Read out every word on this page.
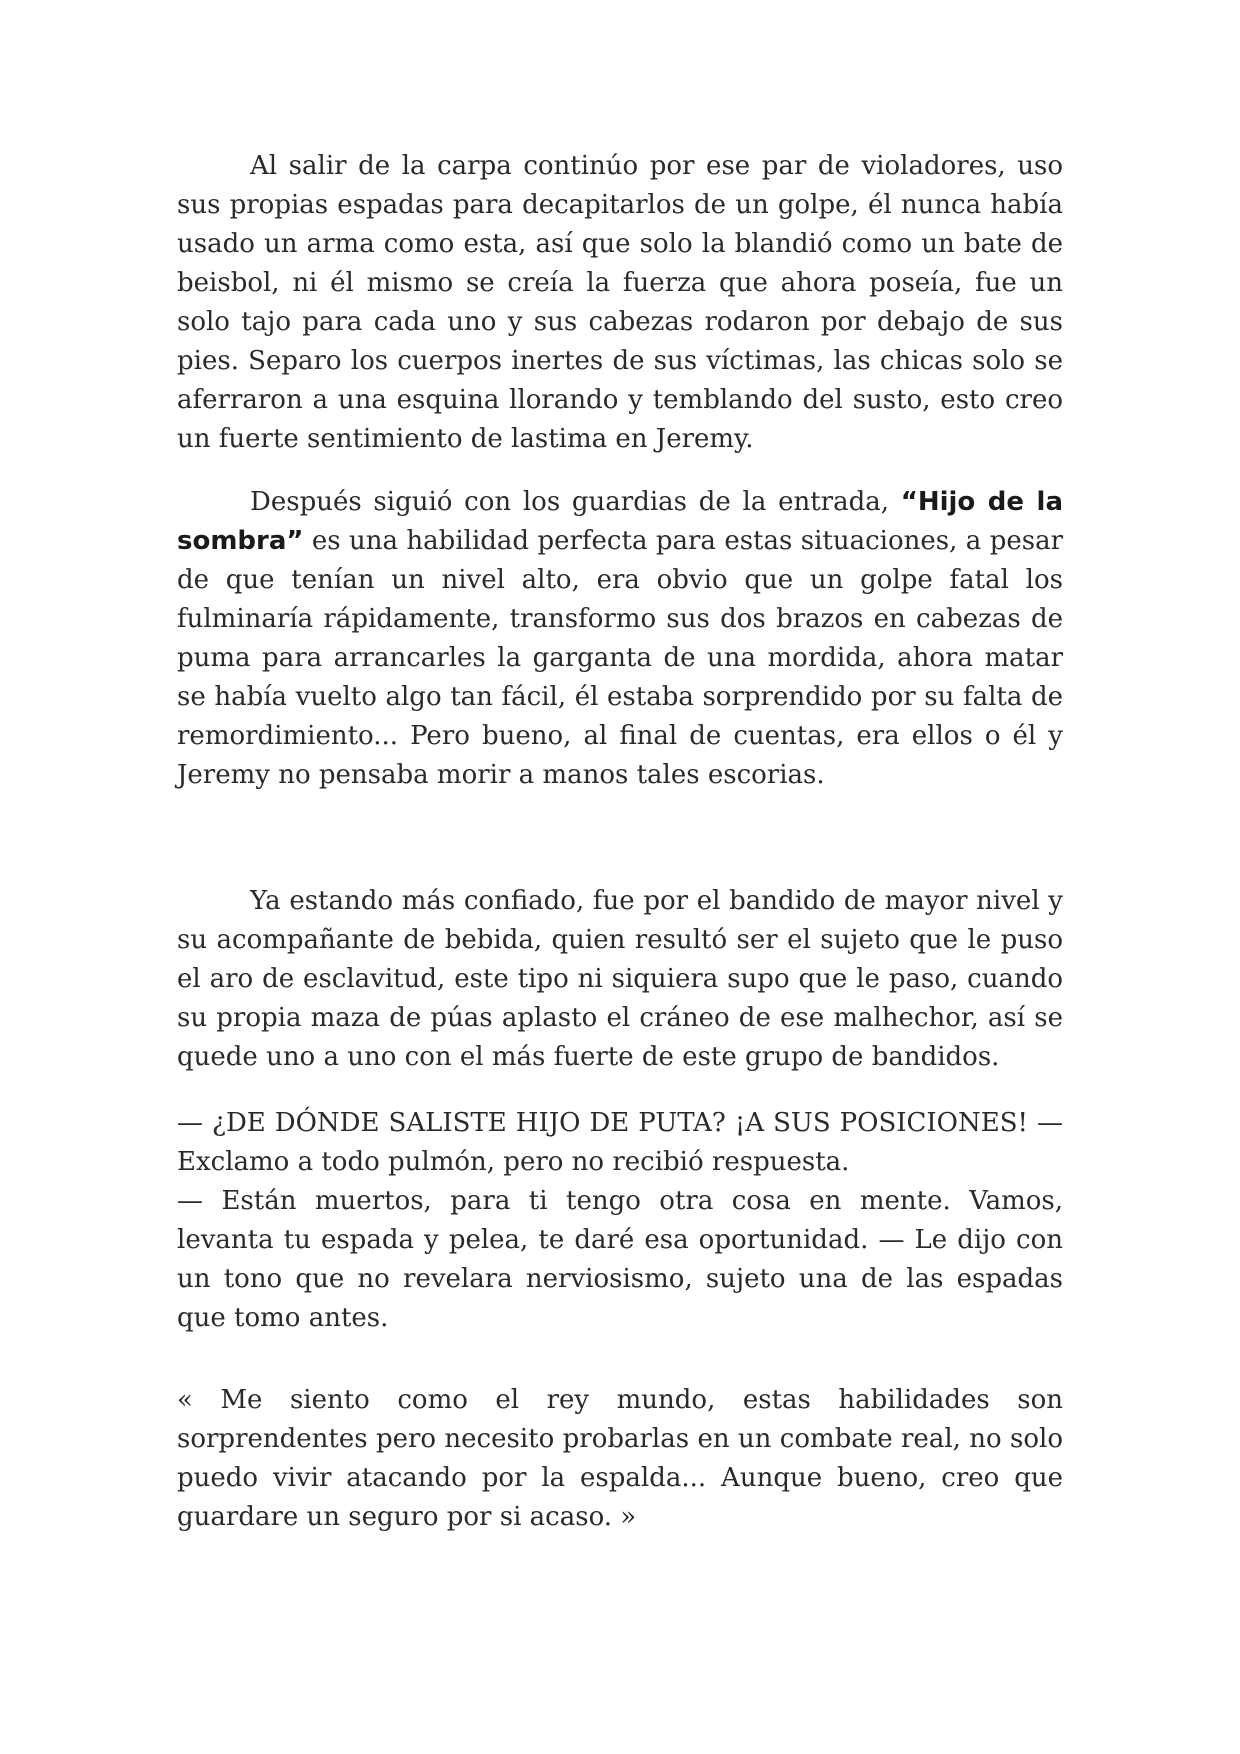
Al salir de la carpa continúo por ese par de violadores, uso sus propias espadas para decapitarlos de un golpe, él nunca había usado un arma como esta, así que solo la blandió como un bate de beisbol, ni él mismo se creía la fuerza que ahora poseía, fue un solo tajo para cada uno y sus cabezas rodaron por debajo de sus pies. Separo los cuerpos inertes de sus víctimas, las chicas solo se aferraron a una esquina llorando y temblando del susto, esto creo un fuerte sentimiento de lastima en Jeremy.

Después siguió con los guardias de la entrada, “Hijo de la sombra” es una habilidad perfecta para estas situaciones, a pesar de que tenían un nivel alto, era obvio que un golpe fatal los fulminaría rápidamente, transformo sus dos brazos en cabezas de puma para arrancarles la garganta de una mordida, ahora matar se había vuelto algo tan fácil, él estaba sorprendido por su falta de remordimiento... Pero bueno, al final de cuentas, era ellos o él y Jeremy no pensaba morir a manos tales escorias.

Ya estando más confiado, fue por el bandido de mayor nivel y su acompañante de bebida, quien resultó ser el sujeto que le puso el aro de esclavitud, este tipo ni siquiera supo que le paso, cuando su propia maza de púas aplasto el cráneo de ese malhechor, así se quede uno a uno con el más fuerte de este grupo de bandidos.

— ¿DE DÓNDE SALISTE HIJO DE PUTA? ¡A SUS POSICIONES! — Exclamo a todo pulmón, pero no recibió respuesta.

— Están muertos, para ti tengo otra cosa en mente. Vamos, levanta tu espada y pelea, te daré esa oportunidad. — Le dijo con un tono que no revelara nerviosismo, sujeto una de las espadas que tomo antes.

« Me siento como el rey mundo, estas habilidades son sorprendentes pero necesito probarlas en un combate real, no solo puedo vivir atacando por la espalda... Aunque bueno, creo que guardare un seguro por si acaso. »
